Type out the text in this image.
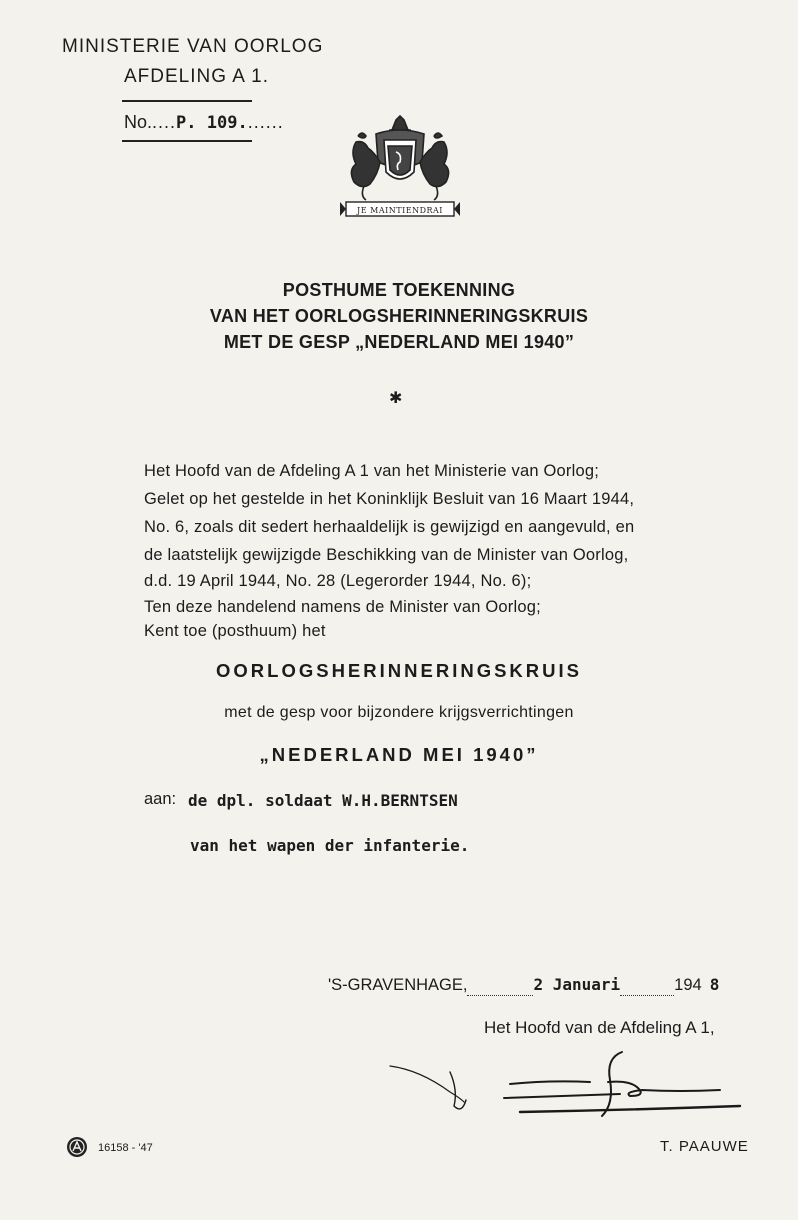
MINISTERIE VAN OORLOG
AFDELING A 1.
No.....P. 109.......
JE MAINTIENDRAI
POSTHUME TOEKENNING
VAN HET OORLOGSHERINNERINGSKRUIS
MET DE GESP „NEDERLAND MEI 1940”
✱
Het Hoofd van de Afdeling A 1 van het Ministerie van Oorlog;
Gelet op het gestelde in het Koninklijk Besluit van 16 Maart 1944,
No. 6, zoals dit sedert herhaaldelijk is gewijzigd en aangevuld, en
de laatstelijk gewijzigde Beschikking van de Minister van Oorlog,
d.d. 19 April 1944, No. 28 (Legerorder 1944, No. 6);
Ten deze handelend namens de Minister van Oorlog;
Kent toe (posthuum) het
OORLOGSHERINNERINGSKRUIS
met de gesp voor bijzondere krijgsverrichtingen
„NEDERLAND MEI 1940”
aan: de dpl. soldaat W.H.BERNTSEN
van het wapen der infanterie.
'S-GRAVENHAGE,	2 Januari	194 8
Het Hoofd van de Afdeling A 1,
T. PAAUWE
16158 - '47
